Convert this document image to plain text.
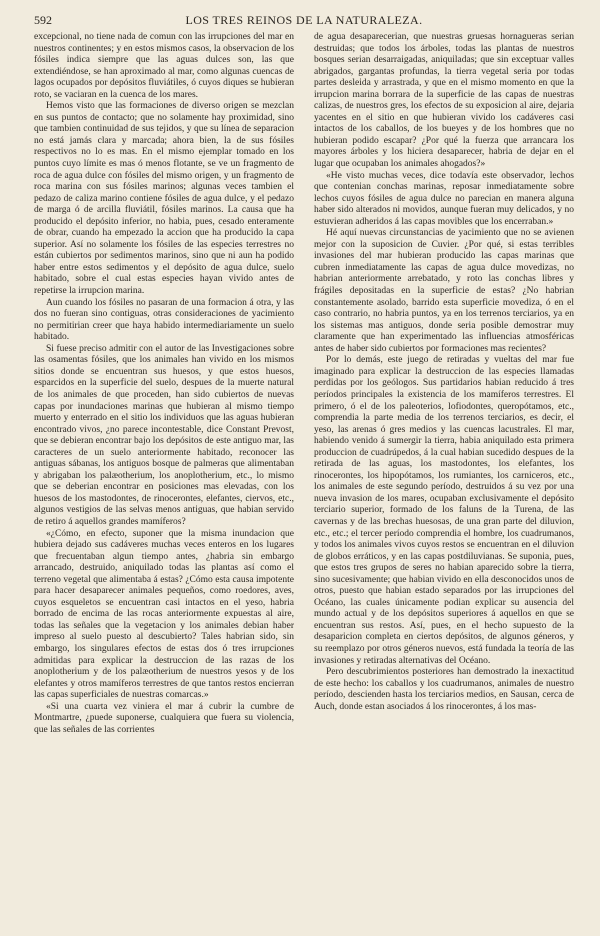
592	LOS TRES REINOS DE LA NATURALEZA.

excepcional, no tiene nada de comun con las irrupciones del mar en nuestros continentes; y en estos mismos casos, la observacion de los fósiles indica siempre que las aguas dulces son, las que extendiéndose, se han aproximado al mar, como algunas cuencas de lagos ocupados por depósitos fluviátiles, ó cuyos diques se hubieran roto, se vaciaran en la cuenca de los mares.

Hemos visto que las formaciones de diverso origen se mezclan en sus puntos de contacto; que no solamente hay proximidad, sino que tambien continuidad de sus tejidos, y que su línea de separacion no está jamás clara y marcada; ahora bien, la de sus fósiles respectivos no lo es mas. En el mismo ejemplar tomado en los puntos cuyo límite es mas ó menos flotante, se ve un fragmento de roca de agua dulce con fósiles del mismo origen, y un fragmento de roca marina con sus fósiles marinos; algunas veces tambien el pedazo de caliza marino contiene fósiles de agua dulce, y el pedazo de marga ó de arcilla fluviátil, fósiles marinos. La causa que ha producido el depósito inferior, no habia, pues, cesado enteramente de obrar, cuando ha empezado la accion que ha producido la capa superior. Así no solamente los fósiles de las especies terrestres no están cubiertos por sedimentos marinos, sino que ni aun ha podido haber entre estos sedimentos y el depósito de agua dulce, suelo habitado, sobre el cual estas especies hayan vivido antes de repetirse la irrupcion marina.

Aun cuando los fósiles no pasaran de una formacion á otra, y las dos no fueran sino contiguas, otras consideraciones de yacimiento no permitirian creer que haya habido intermediariamente un suelo habitado.

Si fuese preciso admitir con el autor de las Investigaciones sobre las osamentas fósiles, que los animales han vivido en los mismos sitios donde se encuentran sus huesos, y que estos huesos, esparcidos en la superficie del suelo, despues de la muerte natural de los animales de que proceden, han sido cubiertos de nuevas capas por inundaciones marinas que hubieran al mismo tiempo muerto y enterrado en el sitio los individuos que las aguas hubieran encontrado vivos, ¿no parece incontestable, dice Constant Prevost, que se debieran encontrar bajo los depósitos de este antiguo mar, las caracteres de un suelo anteriormente habitado, reconocer las antiguas sábanas, los antiguos bosque de palmeras que alimentaban y abrigaban los palæotherium, los anoplotherium, etc., lo mismo que se deberian encontrar en posiciones mas elevadas, con los huesos de los mastodontes, de rinocerontes, elefantes, ciervos, etc., algunos vestigios de las selvas menos antiguas, que habian servido de retiro á aquellos grandes mamíferos?

«¿Cómo, en efecto, suponer que la misma inundacion que hubiera dejado sus cadáveres muchas veces enteros en los lugares que frecuentaban algun tiempo antes, ¿habria sin embargo arrancado, destruido, aniquilado todas las plantas así como el terreno vegetal que alimentaba á estas? ¿Cómo esta causa impotente para hacer desaparecer animales pequeños, como roedores, aves, cuyos esqueletos se encuentran casi intactos en el yeso, habria borrado de encima de las rocas anteriormente expuestas al aire, todas las señales que la vegetacion y los animales debian haber impreso al suelo puesto al descubierto? Tales habrian sido, sin embargo, los singulares efectos de estas dos ó tres irrupciones admitidas para explicar la destruccion de las razas de los anoplotherium y de los palæotherium de nuestros yesos y de los elefantes y otros mamíferos terrestres de que tantos restos encierran las capas superficiales de nuestras comarcas.»

«Si una cuarta vez viniera el mar á cubrir la cumbre de Montmartre, ¿puede suponerse, cualquiera que fuera su violencia, que las señales de las corrientes

de agua desaparecerian, que nuestras gruesas hornagueras serian destruidas; que todos los árboles, todas las plantas de nuestros bosques serian desarraigadas, aniquiladas; que sin exceptuar valles abrigados, gargantas profundas, la tierra vegetal seria por todas partes desleida y arrastrada, y que en el mismo momento en que la irrupcion marina borrara de la superficie de las capas de nuestras calizas, de nuestros gres, los efectos de su exposicion al aire, dejaria yacentes en el sitio en que hubieran vivido los cadáveres casi intactos de los caballos, de los bueyes y de los hombres que no hubieran podido escapar? ¿Por qué la fuerza que arrancara los mayores árboles y los hiciera desaparecer, habria de dejar en el lugar que ocupaban los animales ahogados?»

«He visto muchas veces, dice todavía este observador, lechos que contenian conchas marinas, reposar inmediatamente sobre lechos cuyos fósiles de agua dulce no parecian en manera alguna haber sido alterados ni movidos, aunque fueran muy delicados, y no estuvieran adheridos á las capas movibles que los encerraban.»

Hé aquí nuevas circunstancias de yacimiento que no se avienen mejor con la suposicion de Cuvier. ¿Por qué, si estas terribles invasiones del mar hubieran producido las capas marinas que cubren inmediatamente las capas de agua dulce movedizas, no habrian anteriormente arrebatado, y roto las conchas libres y frágiles depositadas en la superficie de estas? ¿No habrian constantemente asolado, barrido esta superficie movediza, ó en el caso contrario, no habria puntos, ya en los terrenos terciarios, ya en los sistemas mas antiguos, donde seria posible demostrar muy claramente que han experimentado las influencias atmosféricas antes de haber sido cubiertos por formaciones mas recientes?

Por lo demás, este juego de retiradas y vueltas del mar fue imaginado para explicar la destruccion de las especies llamadas perdidas por los geólogos. Sus partidarios habian reducido á tres períodos principales la existencia de los mamíferos terrestres. El primero, ó el de los paleoterios, lofiodontes, queropótamos, etc., comprendia la parte media de los terrenos terciarios, es decir, el yeso, las arenas ó gres medios y las cuencas lacustrales. El mar, habiendo venido á sumergir la tierra, habia aniquilado esta primera produccion de cuadrúpedos, á la cual habian sucedido despues de la retirada de las aguas, los mastodontes, los elefantes, los rinocerontes, los hipopótamos, los rumiantes, los carniceros, etc., los animales de este segundo período, destruidos á su vez por una nueva invasion de los mares, ocupaban exclusivamente el depósito terciario superior, formado de los faluns de la Turena, de las cavernas y de las brechas huesosas, de una gran parte del diluvion, etc., etc.; el tercer período comprendia el hombre, los cuadrumanos, y todos los animales vivos cuyos restos se encuentran en el diluvion de globos erráticos, y en las capas postdiluvianas. Se suponia, pues, que estos tres grupos de seres no habian aparecido sobre la tierra, sino sucesivamente; que habian vivido en ella desconocidos unos de otros, puesto que habian estado separados por las irrupciones del Océano, las cuales únicamente podian explicar su ausencia del mundo actual y de los depósitos superiores á aquellos en que se encuentran sus restos. Así, pues, en el hecho supuesto de la desaparicion completa en ciertos depósitos, de algunos géneros, y su reemplazo por otros géneros nuevos, está fundada la teoría de las invasiones y retiradas alternativas del Océano.

Pero descubrimientos posteriores han demostrado la inexactitud de este hecho: los caballos y los cuadrumanos, animales de nuestro período, descienden hasta los terciarios medios, en Sausan, cerca de Auch, donde estan asociados á los rinocerontes, á los mas-
